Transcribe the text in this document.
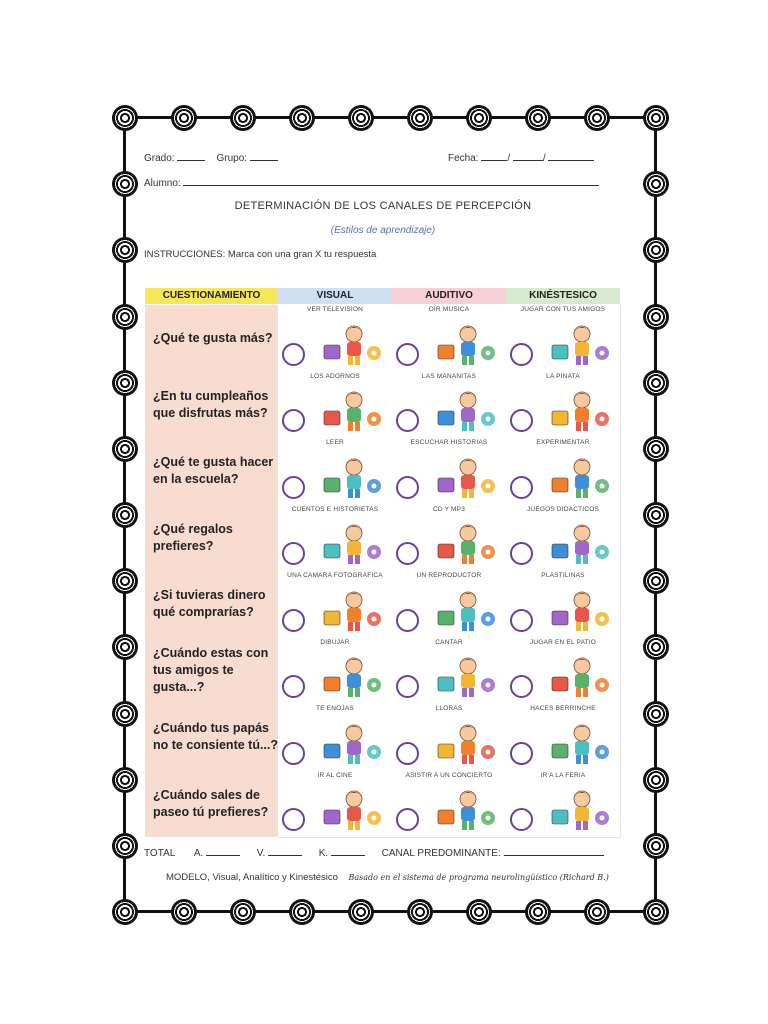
Grado:	Grupo:	Fecha:	/	/
Alumno:
DETERMINACIÓN DE LOS CANALES DE PERCEPCIÓN
(Estilos de aprendizaje)
INSTRUCCIONES: Marca con una gran X tu respuesta
CUESTIONAMIENTO	VISUAL	AUDITIVO	KINÉSTESICO
¿Qué te gusta más?
VER TELEVISIÓN	OIR MÚSICA	JUGAR CON TUS AMIGOS
¿En tu cumpleaños que disfrutas más?
LOS ADORNOS	LAS MAÑANITAS	LA PIÑATA
¿Qué te gusta hacer en la escuela?
LEER	ESCUCHAR HISTORIAS	EXPERIMENTAR
¿Qué regalos prefieres?
CUENTOS E HISTORIETAS	CD Y MP3	JUEGOS DIDÁCTICOS
¿Si tuvieras dinero qué comprarías?
UNA CÁMARA FOTOGRÁFICA	UN REPRODUCTOR	PLASTILINAS
¿Cuándo estas con tus amigos te gusta...?
DIBUJAR	CANTAR	JUGAR EN EL PATIO
¿Cuándo tus papás no te consiente tú...?
TE ENOJAS	LLORAS	HACES BERRINCHE
¿Cuándo sales de paseo tú prefieres?
IR AL CINE	ASISTIR A UN CONCIERTO	IR A LA FERIA
TOTAL A.	V.	K.	CANAL PREDOMINANTE:
MODELO, Visual, Analítico y Kinestésico Basado en el sistema de programa neurolingüístico (Richard B.)
